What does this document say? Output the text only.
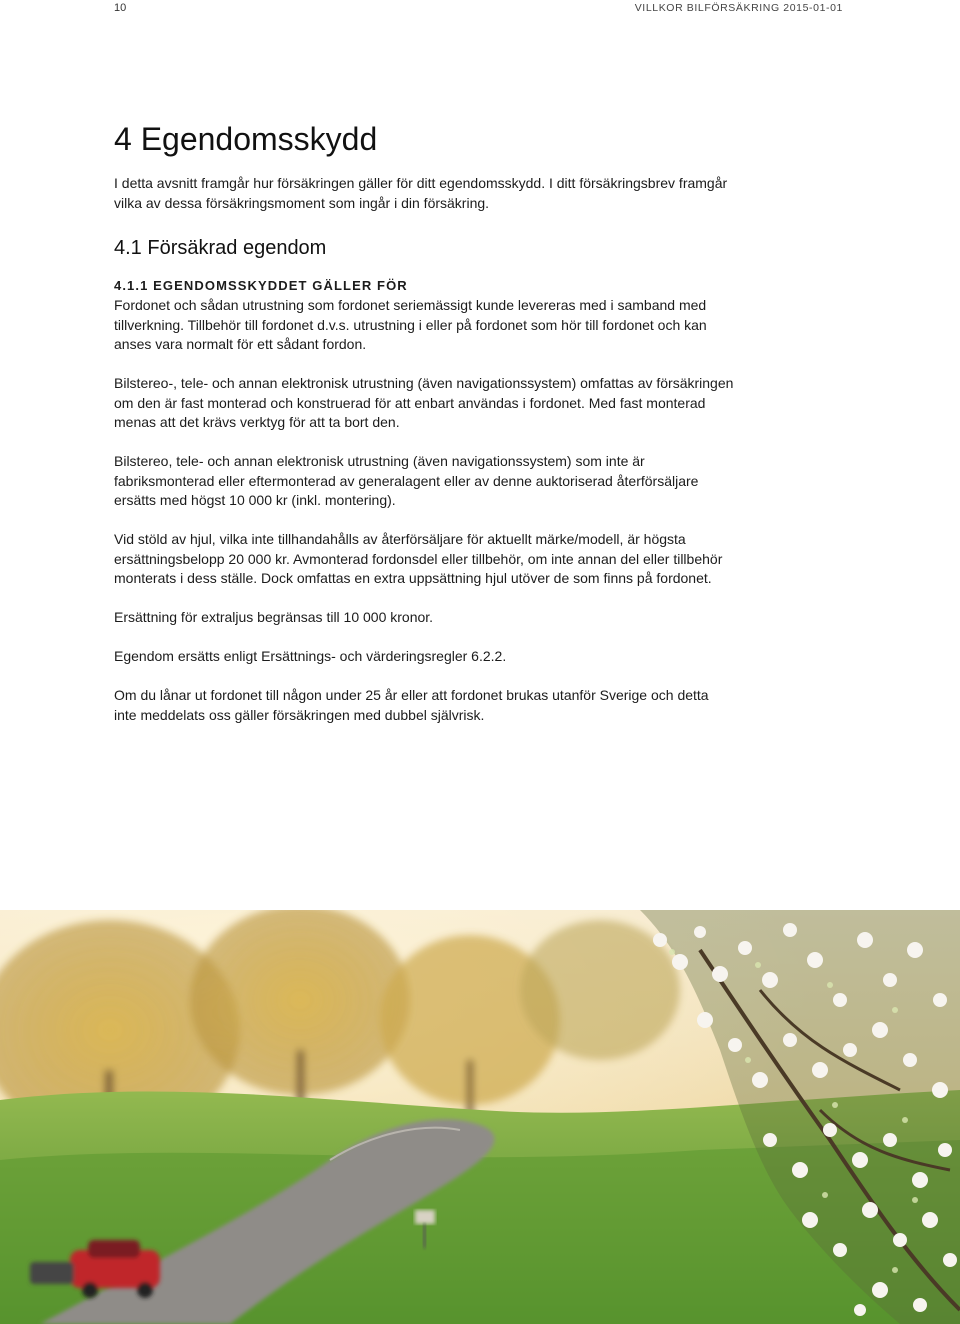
10	VILLKOR BILFÖRSÄKRING 2015-01-01
4 Egendomsskydd

I detta avsnitt framgår hur försäkringen gäller för ditt egendomsskydd. I ditt försäkringsbrev framgår vilka av dessa försäkringsmoment som ingår i din försäkring.

4.1 Försäkrad egendom
4.1.1 EGENDOMSSKYDDET GÄLLER FÖR

Fordonet och sådan utrustning som fordonet seriemässigt kunde levereras med i samband med tillverkning. Tillbehör till fordonet d.v.s. utrustning i eller på fordonet som hör till fordonet och kan anses vara normalt för ett sådant fordon.

Bilstereo-, tele- och annan elektronisk utrustning (även navigationssystem) omfattas av försäkringen om den är fast monterad och konstruerad för att enbart användas i fordonet. Med fast monterad menas att det krävs verktyg för att ta bort den.

Bilstereo, tele- och annan elektronisk utrustning (även navigationssystem) som inte är fabriksmonterad eller eftermonterad av generalagent eller av denne auktoriserad återförsäljare ersätts med högst 10 000 kr (inkl. montering).

Vid stöld av hjul, vilka inte tillhandahålls av återförsäljare för aktuellt märke/modell, är högsta ersättningsbelopp 20 000 kr. Avmonterad fordonsdel eller tillbehör, om inte annan del eller tillbehör monterats i dess ställe. Dock omfattas en extra uppsättning hjul utöver de som finns på fordonet.

Ersättning för extraljus begränsas till 10 000 kronor.

Egendom ersätts enligt Ersättnings- och värderingsregler 6.2.2.

Om du lånar ut fordonet till någon under 25 år eller att fordonet brukas utanför Sverige och detta inte meddelats oss gäller försäkringen med dubbel självrisk.
